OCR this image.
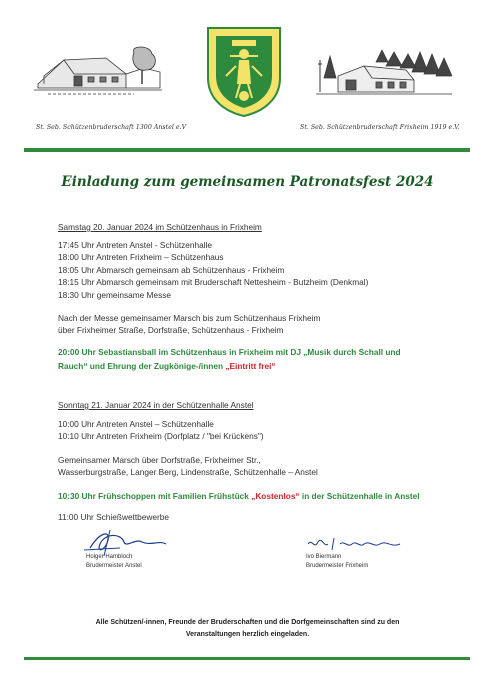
St. Seb. Schützenbruderschaft 1300 Anstel e.V	St. Seb. Schützenbruderschaft Frixheim 1919 e.V.
Einladung zum gemeinsamen Patronatsfest 2024
Samstag 20. Januar 2024 im Schützenhaus in Frixheim
17:45 Uhr Antreten Anstel - Schützenhalle
18:00 Uhr Antreten Frixheim – Schützenhaus
18:05 Uhr Abmarsch gemeinsam ab Schützenhaus - Frixheim
18:15 Uhr Abmarsch gemeinsam mit Bruderschaft Nettesheim - Butzheim (Denkmal)
18:30 Uhr gemeinsame Messe
Nach der Messe gemeinsamer Marsch bis zum Schützenhaus Frixheim
über Frixheimer Straße, Dorfstraße, Schützenhaus - Frixheim
20:00 Uhr Sebastiansball im Schützenhaus in Frixheim mit DJ „Musik durch Schall und
Rauch“ und Ehrung der Zugkönige-/innen „Eintritt frei“
Sonntag 21. Januar 2024 in der Schützenhalle Anstel
10:00 Uhr Antreten Anstel – Schützenhalle
10:10 Uhr Antreten Frixheim (Dorfplatz / "bei Krückens")
Gemeinsamer Marsch über Dorfstraße, Frixheimer Str.,
Wasserburgstraße, Langer Berg, Lindenstraße, Schützenhalle – Anstel
10:30 Uhr Frühschoppen mit Familien Frühstück „Kostenlos“ in der Schützenhalle in Anstel
11:00 Uhr Schießwettbewerbe
Holger Hambloch
Brudermeister Anstel
Ivo Biermann
Brudermeister Frixheim
Alle Schützen/-innen, Freunde der Bruderschaften und die Dorfgemeinschaften sind zu den
Veranstaltungen herzlich eingeladen.
